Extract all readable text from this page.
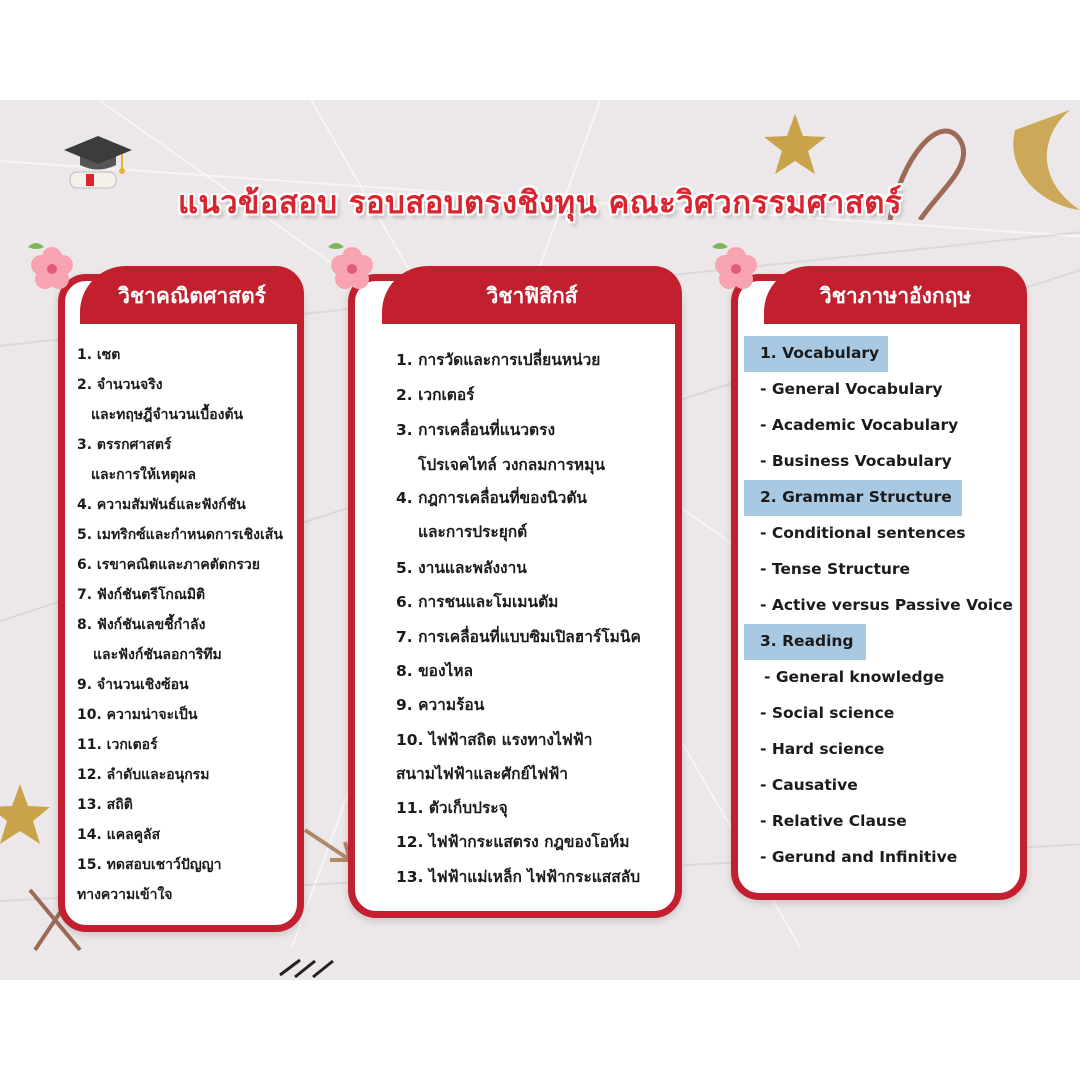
แนวข้อสอบ รอบสอบตรงชิงทุน คณะวิศวกรรมศาสตร์
วิชาคณิตศาสตร์
1. เซต
2. จำนวนจริง
และทฤษฎีจำนวนเบื้องต้น
3. ตรรกศาสตร์
และการให้เหตุผล
4. ความสัมพันธ์และฟังก์ชัน
5. เมทริกซ์และกำหนดการเชิงเส้น
6. เรขาคณิตและภาคตัดกรวย
7. ฟังก์ชันตรีโกณมิติ
8. ฟังก์ชันเลขชี้กำลัง
และฟังก์ชันลอการิทึม
9. จำนวนเชิงซ้อน
10. ความน่าจะเป็น
11. เวกเตอร์
12. ลำดับและอนุกรม
13. สถิติ
14. แคลคูลัส
15. ทดสอบเชาว์ปัญญา
ทางความเข้าใจ
วิชาฟิสิกส์
1. การวัดและการเปลี่ยนหน่วย
2. เวกเตอร์
3. การเคลื่อนที่แนวตรง
โปรเจคไทล์ วงกลมการหมุน
4. กฎการเคลื่อนที่ของนิวตัน
และการประยุกต์
5. งานและพลังงาน
6. การชนและโมเมนตัม
7. การเคลื่อนที่แบบซิมเปิลฮาร์โมนิค
8. ของไหล
9. ความร้อน
10. ไฟฟ้าสถิต แรงทางไฟฟ้า
สนามไฟฟ้าและศักย์ไฟฟ้า
11. ตัวเก็บประจุ
12. ไฟฟ้ากระแสตรง กฎของโอห์ม
13. ไฟฟ้าแม่เหล็ก ไฟฟ้ากระแสสลับ
วิชาภาษาอังกฤษ
1. Vocabulary
- General Vocabulary
- Academic Vocabulary
- Business Vocabulary
2. Grammar Structure
- Conditional sentences
- Tense Structure
- Active versus Passive Voice
3. Reading
- General knowledge
- Social science
- Hard science
- Causative
- Relative Clause
- Gerund and Infinitive
